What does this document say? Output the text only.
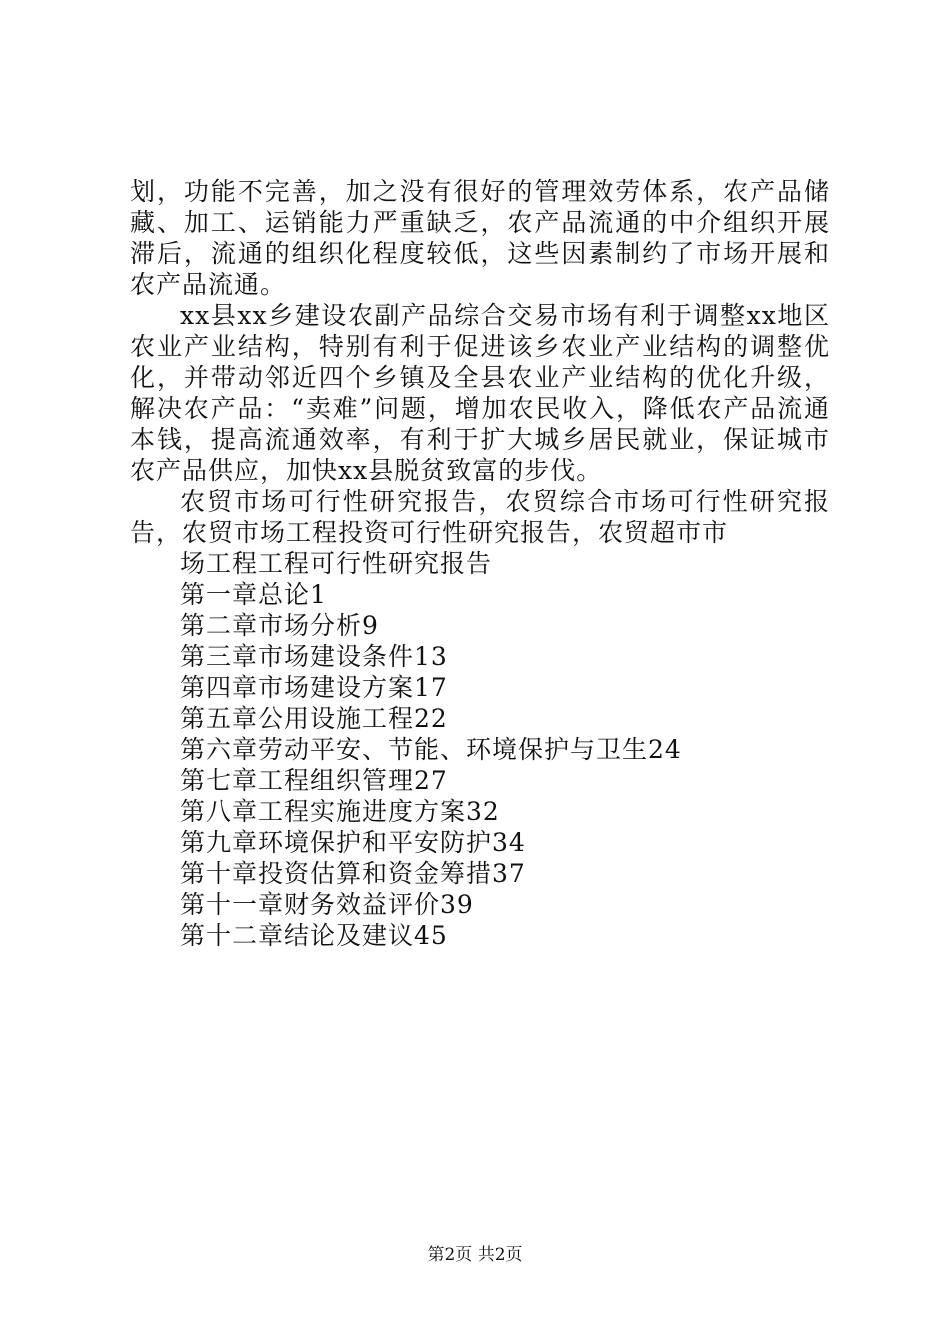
划，功能不完善，加之没有很好的管理效劳体系，农产品储藏、加工、运销能力严重缺乏，农产品流通的中介组织开展滞后，流通的组织化程度较低，这些因素制约了市场开展和农产品流通。

xx县xx乡建设农副产品综合交易市场有利于调整xx地区农业产业结构，特别有利于促进该乡农业产业结构的调整优化，并带动邻近四个乡镇及全县农业产业结构的优化升级，解决农产品：“卖难”问题，增加农民收入，降低农产品流通本钱，提高流通效率，有利于扩大城乡居民就业，保证城市农产品供应，加快xx县脱贫致富的步伐。

农贸市场可行性研究报告，农贸综合市场可行性研究报告，农贸市场工程投资可行性研究报告，农贸超市市

场工程工程可行性研究报告
第一章总论1
第二章市场分析9
第三章市场建设条件13
第四章市场建设方案17
第五章公用设施工程22
第六章劳动平安、节能、环境保护与卫生24
第七章工程组织管理27
第八章工程实施进度方案32
第九章环境保护和平安防护34
第十章投资估算和资金筹措37
第十一章财务效益评价39
第十二章结论及建议45
第2页 共2页
